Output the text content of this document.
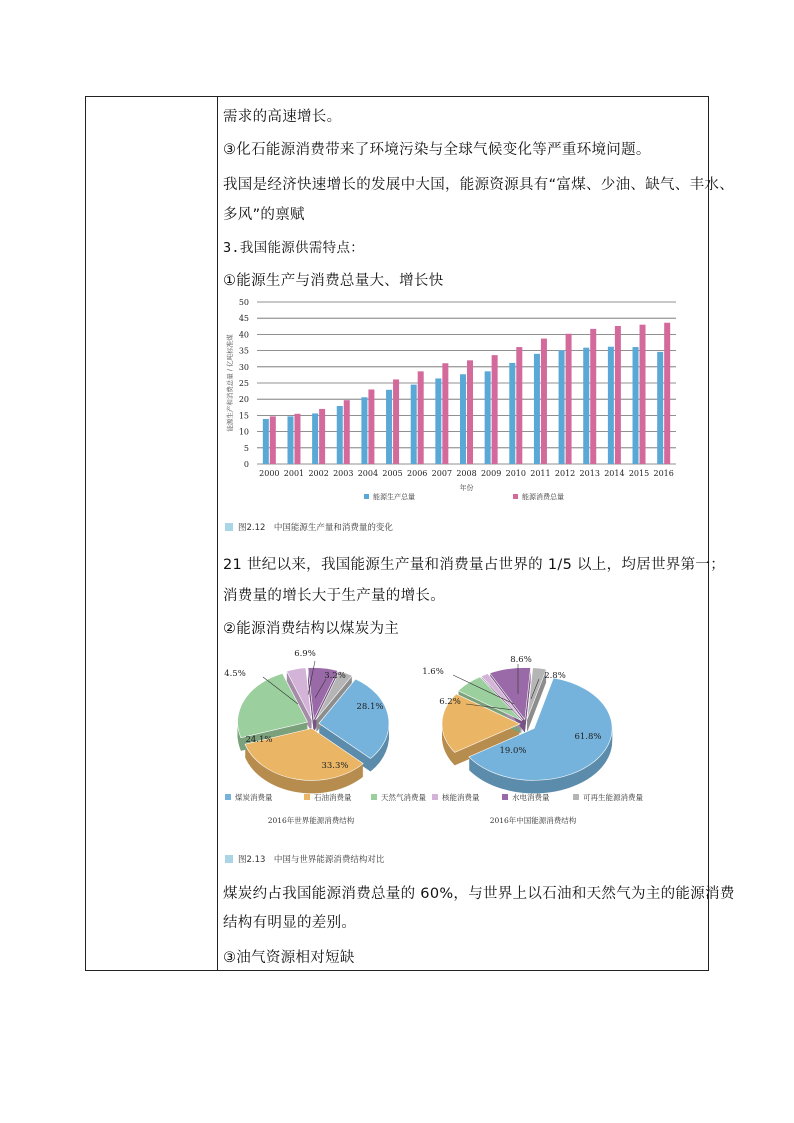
需求的高速增长。
③化石能源消费带来了环境污染与全球气候变化等严重环境问题。
我国是经济快速增长的发展中大国，能源资源具有“富煤、少油、缺气、丰水、
多风”的禀赋
3.我国能源供需特点：
①能源生产与消费总量大、增长快
0
5
10
15
20
25
30
35
40
45
50
2000 2001 2002 2003 2004 2005 2006 2007 2008 2009 2010 2011 2012 2013 2014 2015 2016
年份
能源生产和消费总量 / 亿吨标准煤
能源生产总量	能源消费总量
图2.12　中国能源生产量和消费量的变化
21 世纪以来，我国能源生产量和消费量占世界的 1/5 以上，均居世界第一；
消费量的增长大于生产量的增长。
②能源消费结构以煤炭为主
28.1%
33.3%
24.1%
4.5%
6.9%
3.2%
2016年世界能源消费结构
61.8%
19.0%
6.2%
1.6%
8.6%
2.8%
2016年中国能源消费结构
煤炭消费量	石油消费量	天然气消费量 核能消费量	水电消费量	可再生能源消费量
图2.13　中国与世界能源消费结构对比
煤炭约占我国能源消费总量的 60%，与世界上以石油和天然气为主的能源消费
结构有明显的差别。
③油气资源相对短缺
